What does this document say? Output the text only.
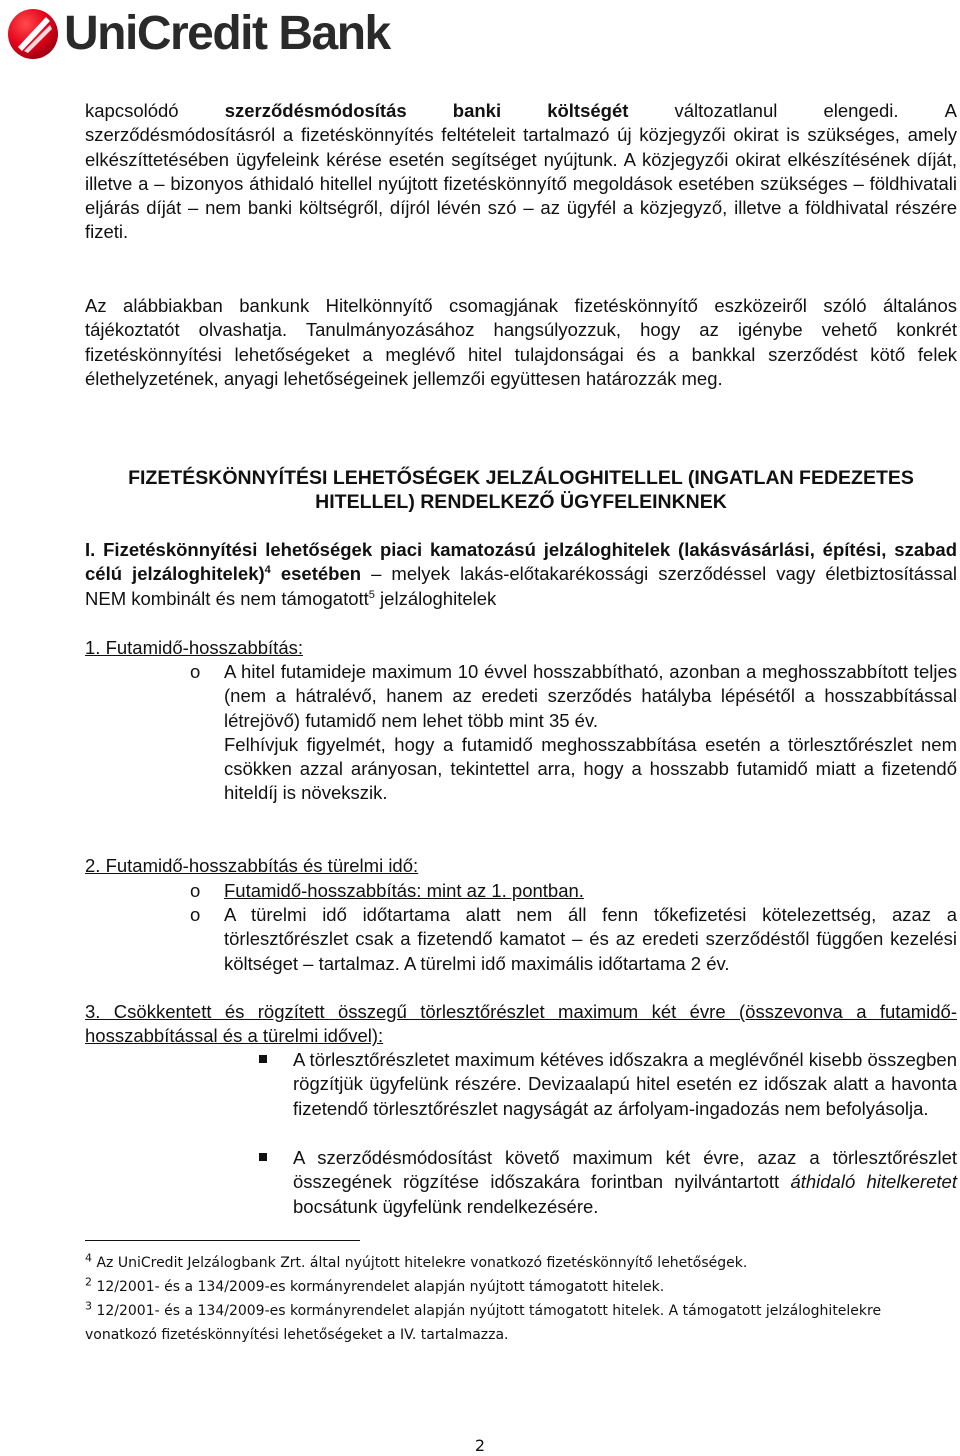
UniCredit Bank
kapcsolódó szerződésmódosítás banki költségét változatlanul elengedi. A

szerződésmódosításról a fizetéskönnyítés feltételeit tartalmazó új közjegyzői okirat is szükséges, amely elkészíttetésében ügyfeleink kérése esetén segítséget nyújtunk. A közjegyzői okirat elkészítésének díját, illetve a – bizonyos áthidaló hitellel nyújtott fizetéskönnyítő megoldások esetében szükséges – földhivatali eljárás díját – nem banki költségről, díjról lévén szó – az ügyfél a közjegyző, illetve a földhivatal részére fizeti.

Az alábbiakban bankunk Hitelkönnyítő csomagjának fizetéskönnyítő eszközeiről szóló általános tájékoztatót olvashatja. Tanulmányozásához hangsúlyozzuk, hogy az igénybe vehető konkrét fizetéskönnyítési lehetőségeket a meglévő hitel tulajdonságai és a bankkal szerződést kötő felek élethelyzetének, anyagi lehetőségeinek jellemzői együttesen határozzák meg.

FIZETÉSKÖNNYÍTÉSI LEHETŐSÉGEK JELZÁLOGHITELLEL (INGATLAN FEDEZETES
HITELLEL) RENDELKEZŐ ÜGYFELEINKNEK

I. Fizetéskönnyítési lehetőségek piaci kamatozású jelzáloghitelek (lakásvásárlási, építési, szabad célú jelzáloghitelek)$^4$ esetében – melyek lakás-előtakarékossági szerződéssel vagy életbiztosítással NEM kombinált és nem támogatott$^5$ jelzáloghitelek

1. Futamidő-hosszabbítás:
o A hitel futamideje maximum 10 évvel hosszabbítható, azonban a meghosszabbított teljes (nem a hátralévő, hanem az eredeti szerződés hatályba lépésétől a hosszabbítással létrejövő) futamidő nem lehet több mint 35 év.

Felhívjuk figyelmét, hogy a futamidő meghosszabbítása esetén a törlesztőrészlet nem csökken azzal arányosan, tekintettel arra, hogy a hosszabb futamidő miatt a fizetendő hiteldíj is növekszik.

2. Futamidő-hosszabbítás és türelmi idő:
o Futamidő-hosszabbítás: mint az 1. pontban.
o A türelmi idő időtartama alatt nem áll fenn tőkefizetési kötelezettség, azaz a törlesztőrészlet csak a fizetendő kamatot – és az eredeti szerződéstől függően kezelési költséget – tartalmaz. A türelmi idő maximális időtartama 2 év.

3. Csökkentett és rögzített összegű törlesztőrészlet maximum két évre (összevonva a futamidő-hosszabbítással és a türelmi idővel):

A törlesztőrészletet maximum kétéves időszakra a meglévőnél kisebb összegben rögzítjük ügyfelünk részére. Devizaalapú hitel esetén ez időszak alatt a havonta fizetendő törlesztőrészlet nagyságát az árfolyam-ingadozás nem befolyásolja.

A szerződésmódosítást követő maximum két évre, azaz a törlesztőrészlet összegének rögzítése időszakára forintban nyilvántartott áthidaló hitelkeretet bocsátunk ügyfelünk rendelkezésére.

$^4$ Az UniCredit Jelzálogbank Zrt. által nyújtott hitelekre vonatkozó fizetéskönnyítő lehetőségek.
$^2$ 12/2001- és a 134/2009-es kormányrendelet alapján nyújtott támogatott hitelek.
$^3$ 12/2001- és a 134/2009-es kormányrendelet alapján nyújtott támogatott hitelek. A támogatott jelzáloghitelekre vonatkozó fizetéskönnyítési lehetőségeket a IV. tartalmazza.
2
